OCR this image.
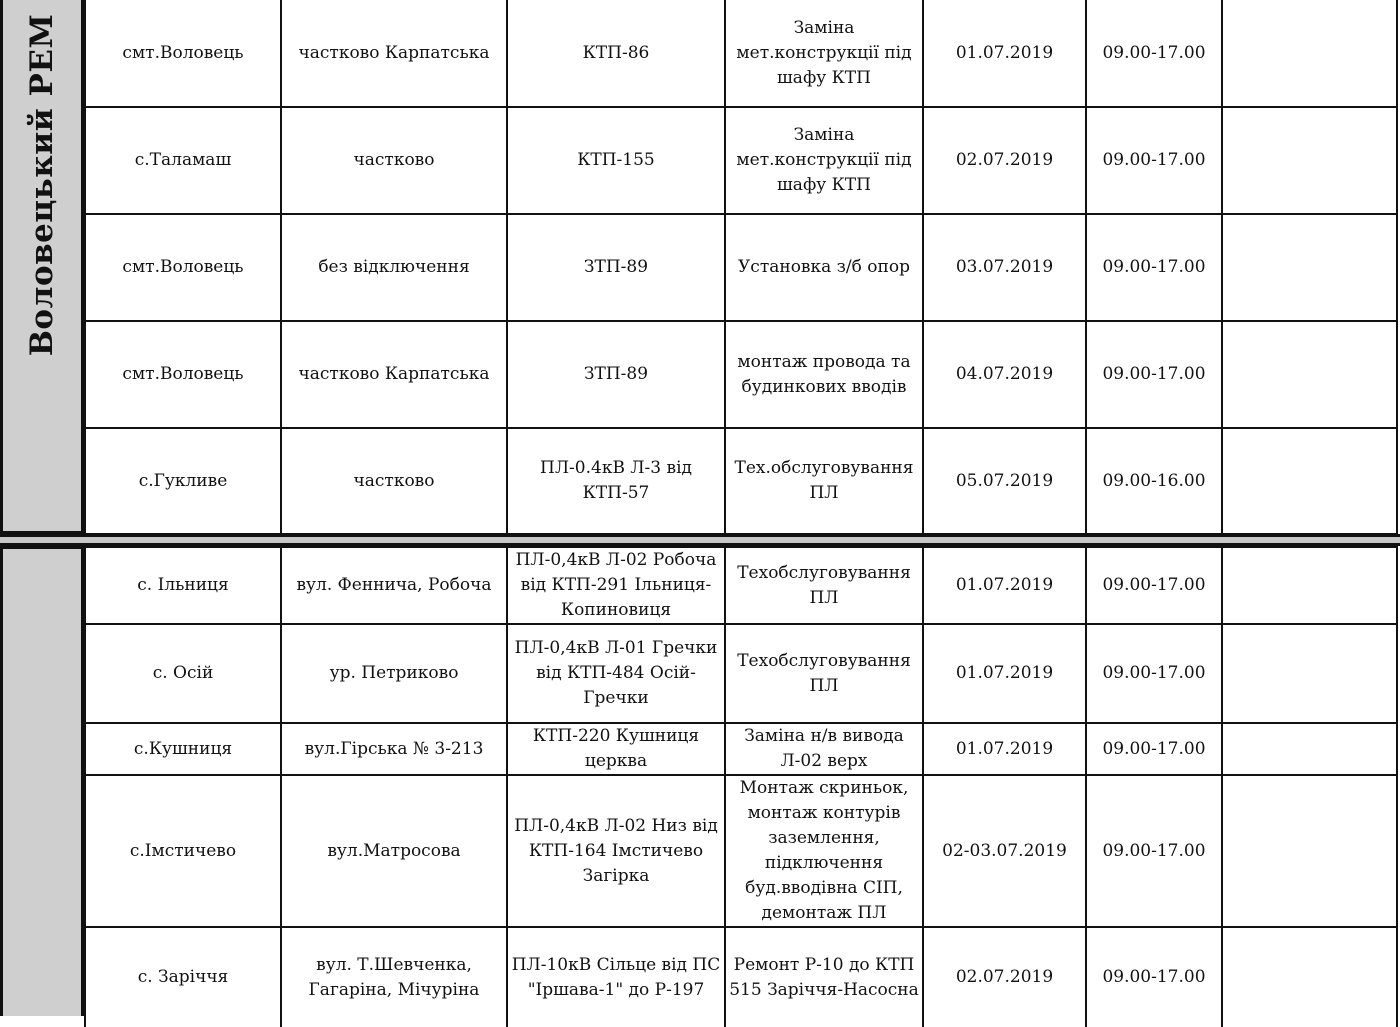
Воловецький РЕМ	смт.Воловець	частково Карпатська	КТП-86	Заміна мет.конструкції під шафу КТП	01.07.2019	09.00-17.00	
с.Таламаш	частково	КТП-155	Заміна мет.конструкції під шафу КТП	02.07.2019	09.00-17.00	
смт.Воловець	без відключення	ЗТП-89	Установка з/б опор	03.07.2019	09.00-17.00	
смт.Воловець	частково Карпатська	ЗТП-89	монтаж провода та будинкових вводів	04.07.2019	09.00-17.00	
с.Гукливе	частково	ПЛ-0.4кВ Л-3 від КТП-57	Тех.обслуговування ПЛ	05.07.2019	09.00-16.00	
с. Ільниця	вул. Феннича, Робоча	ПЛ-0,4кВ Л-02 Робоча від КТП-291 Ільниця-Копиновиця	Техобслуговування ПЛ	01.07.2019	09.00-17.00	
с. Осій	ур. Петриково	ПЛ-0,4кВ Л-01 Гречки від КТП-484 Осій-Гречки	Техобслуговування ПЛ	01.07.2019	09.00-17.00	
с.Кушниця	вул.Гірська № 3-213	КТП-220 Кушниця церква	Заміна н/в вивода Л-02 верх	01.07.2019	09.00-17.00	
с.Імстичево	вул.Матросова	ПЛ-0,4кВ Л-02 Низ від КТП-164 Імстичево Загірка	Монтаж скриньок, монтаж контурів заземлення, підключення буд.вводівна СІП, демонтаж ПЛ	02-03.07.2019	09.00-17.00	
с. Заріччя	вул. Т.Шевченка, Гагаріна, Мічуріна	ПЛ-10кВ Сільце від ПС "Іршава-1" до Р-197	Ремонт Р-10 до КТП 515 Заріччя-Насосна	02.07.2019	09.00-17.00	
